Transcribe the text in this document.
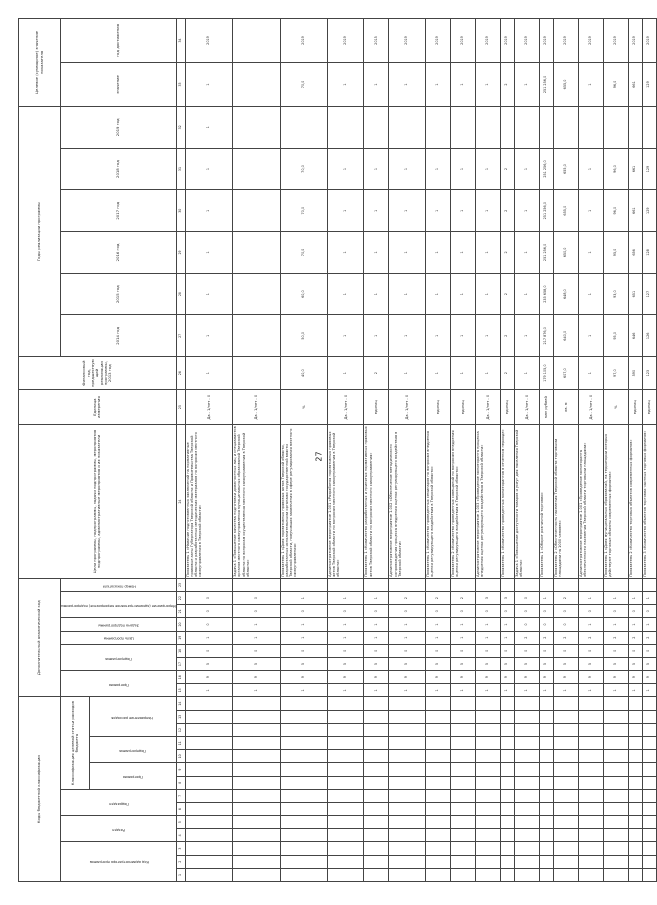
27
Коды бюджетной классификации														Дополнительный аналитический код									Цели программы, подпрограммы, задачи подпрограммы, мероприятия подпрограммы, административные мероприятия и их показатели	Единица измерения	Финансовый год, предшествующий реализации программы, 2013 год	Годы реализации программы						Целевое (суммарное) значение показателя	
Код администратора программы			Раздел		Подраздел		Классификация целевой статьи расходов бюджета							Программа		Подпрограмма		Цель программы	Задача подпрограммы	Мероприятие (административное мероприятие) подпрограммы		Номер показателя				2014 год	2015 год	2016 год	2017 год	2018 год	2019 год	значение	год достижения
							Программа		Подпрограмма		Направление расходов																						
1	2	3	4	5	6	7	8	9	10	11	12	13	14	15	16	17	18	19	20	21	22	23	24	25	26	27	28	29	30	31	32	33	34
														1	9	5	0	1	0	0	0		Показатель 1 «Наличие подготовленных заключений на нормативные правовые акты Губернатора Тверской области и Правительства Тверской области и разработанных методических материалов по вопросам местного самоуправления в Тверской области»	Да - 1/нет - 0	1	1	1	1	1	1	1	1	2019
														1	9	5	0	1	1	0	0		Задача 1 «Повышение качества подготовки должностных лиц и специалистов органов местного самоуправления муниципальных образований Тверской области по вопросам осуществления местного самоуправления в Тверской области»	Да - 1/нет - 0									
														1	9	5	0	1	1	0	1		Показатель 1 «Доля нормативных правовых актов Тверской области, разработанных исполнительными органами государственной власти Тверской области, получивших заключения в сфере регулирования местного самоуправления»	%	40,0	50,0	60,0	70,0	70,0	70,0		70,0	2019
														1	9	5	0	1	1	0	1		Административное мероприятие 1.001 «Разработка нормативных правовых актов Тверской области по вопросам местного самоуправления в Тверской области»	Да - 1/нет - 0	1	1	1	1	1	1		1	2019
														1	9	5	0	1	1	0	1		Показатель 1 «Количество разработанных и принятых нормативных правовых актов Тверской области по вопросам местного самоуправления»	единиц	2	1	1	1	1	1		1	2015
														1	9	5	0	1	1	0	2		Административное мероприятие 1.002 «Обеспечение методического сопровождения процесса внедрения оценки регулирующего воздействия в Тверской области»	Да - 1/нет - 0	1	1	1	1	1	1		1	2019
														1	9	5	0	1	1	0	2		Показатель 1 «Количество проведенных семинаров по вопросам внедрения оценки регулирующего воздействия в Тверской области»	единиц	1	1	1	1	1	1		1	2019
														1	9	5	0	1	1	0	2		Показатель 2 «Количество проведенных совещаний по вопросам внедрения оценки регулирующего воздействия в Тверской области»	единиц	1	1	1	1	1	1		1	2019
														1	9	5	0	1	1	0	3		Административное мероприятие 1.003 «Проведение мониторинга процесса внедрения оценки регулирующего воздействия в Тверской области»	Да - 1/нет - 0	1	1	1	1	1	1		1	2019
														1	9	5	0	1	1	0	3		Показатель 1 «Количество проведенных мониторингов в отчетном периоде»	единиц	2	2	2	2	2	2		2	2019
														1	9	5	0	2	0	0	0		Задача 1 «Повышение доступности товаров и услуг для населения Тверской области»	Да - 1/нет - 0	1	1	1	1	1	1		1	2019
														1	9	5	0	2	0	0	1		Показатель 1 «Оборот розничной торговли»	млн рублей	179 105,0	217 876,0	233 658,0	251 256,0	251 256,0	251 256,0		251 256,0	2019
														1	9	5	0	2	0	0	2		Показатель 2 «Обеспеченность населения Тверской области торговыми площадями на 1000 человек»	кв. м	607,0	640,0	648,0	650,0	655,0	655,0		655,0	2019
														1	9	5	0	2	1	0	1		Административное мероприятие 1.001 «Проведение мониторинга обеспеченности населения Тверской области торговыми площадями»	Да - 1/нет - 0	1	1	1	1	1	1		1	2019
														1	9	5	0	2	1	0	1		Показатель 1 «Доля муниципальных образований, на территории которых действуют торговые объекты современных форматов»	%	97,0	95,0	93,0	95,0	96,0	96,0		96,0	2019
														1	9	5	0	2	1	0	1		Показатель 2 «Количество торговых объектов современных форматов»	единиц	590	646	651	656	661	661		661	2019
														1	9	5	0	2	1	0	1		Показатель 3 «Количество объектов торговли частных торговых форматов»	единиц	123	126	127	128	129	129		129	2019
